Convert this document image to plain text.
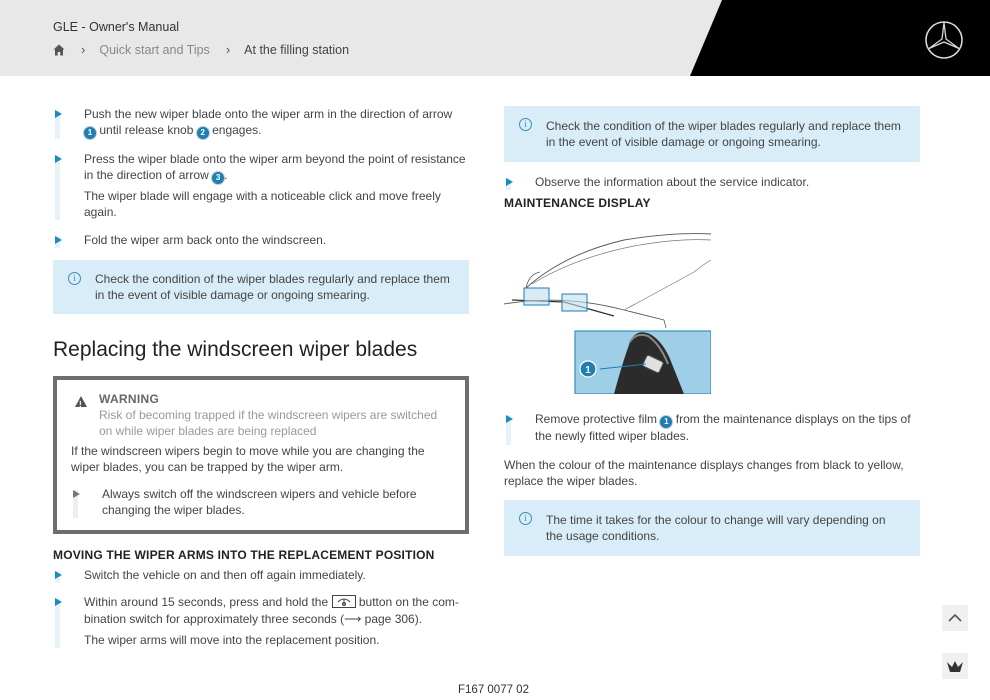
GLE - Owner's Manual
› Quick start and Tips › At the filling station

Push the new wiper blade onto the wiper arm in the direction of arrow
1 until release knob 2 engages.

Press the wiper blade onto the wiper arm beyond the point of resistance in the direction of arrow 3 .

The wiper blade will engage with a noticeable click and move freely again.

Fold the wiper arm back onto the windscreen.

i	Check the condition of the wiper blades regularly and replace them in the event of visible damage or ongoing smearing.
Replacing the windscreen wiper blades
!
WARNING
Risk of becoming trapped if the windscreen wipers are switched on while wiper blades are being replaced
If the windscreen wipers begin to move while you are changing the wiper blades, you can be trapped by the wiper arm.

Always switch off the windscreen wipers and vehicle before changing the wiper blades.

MOVING THE WIPER ARMS INTO THE REPLACEMENT POSITION

Switch the vehicle on and then off again immediately.

Within around 15 seconds, press and hold the	button on the com-bination switch for approximately three seconds (⟶ page 306).

The wiper arms will move into the replacement position.

i	Check the condition of the wiper blades regularly and replace them in the event of visible damage or ongoing smearing.

Observe the information about the service indicator.

MAINTENANCE DISPLAY
1

Remove protective film 1 from the maintenance displays on the tips of the newly fitted wiper blades.

When the colour of the maintenance displays changes from black to yellow, replace the wiper blades.

i	The time it takes for the colour to change will vary depending on the usage conditions.
F167 0077 02
